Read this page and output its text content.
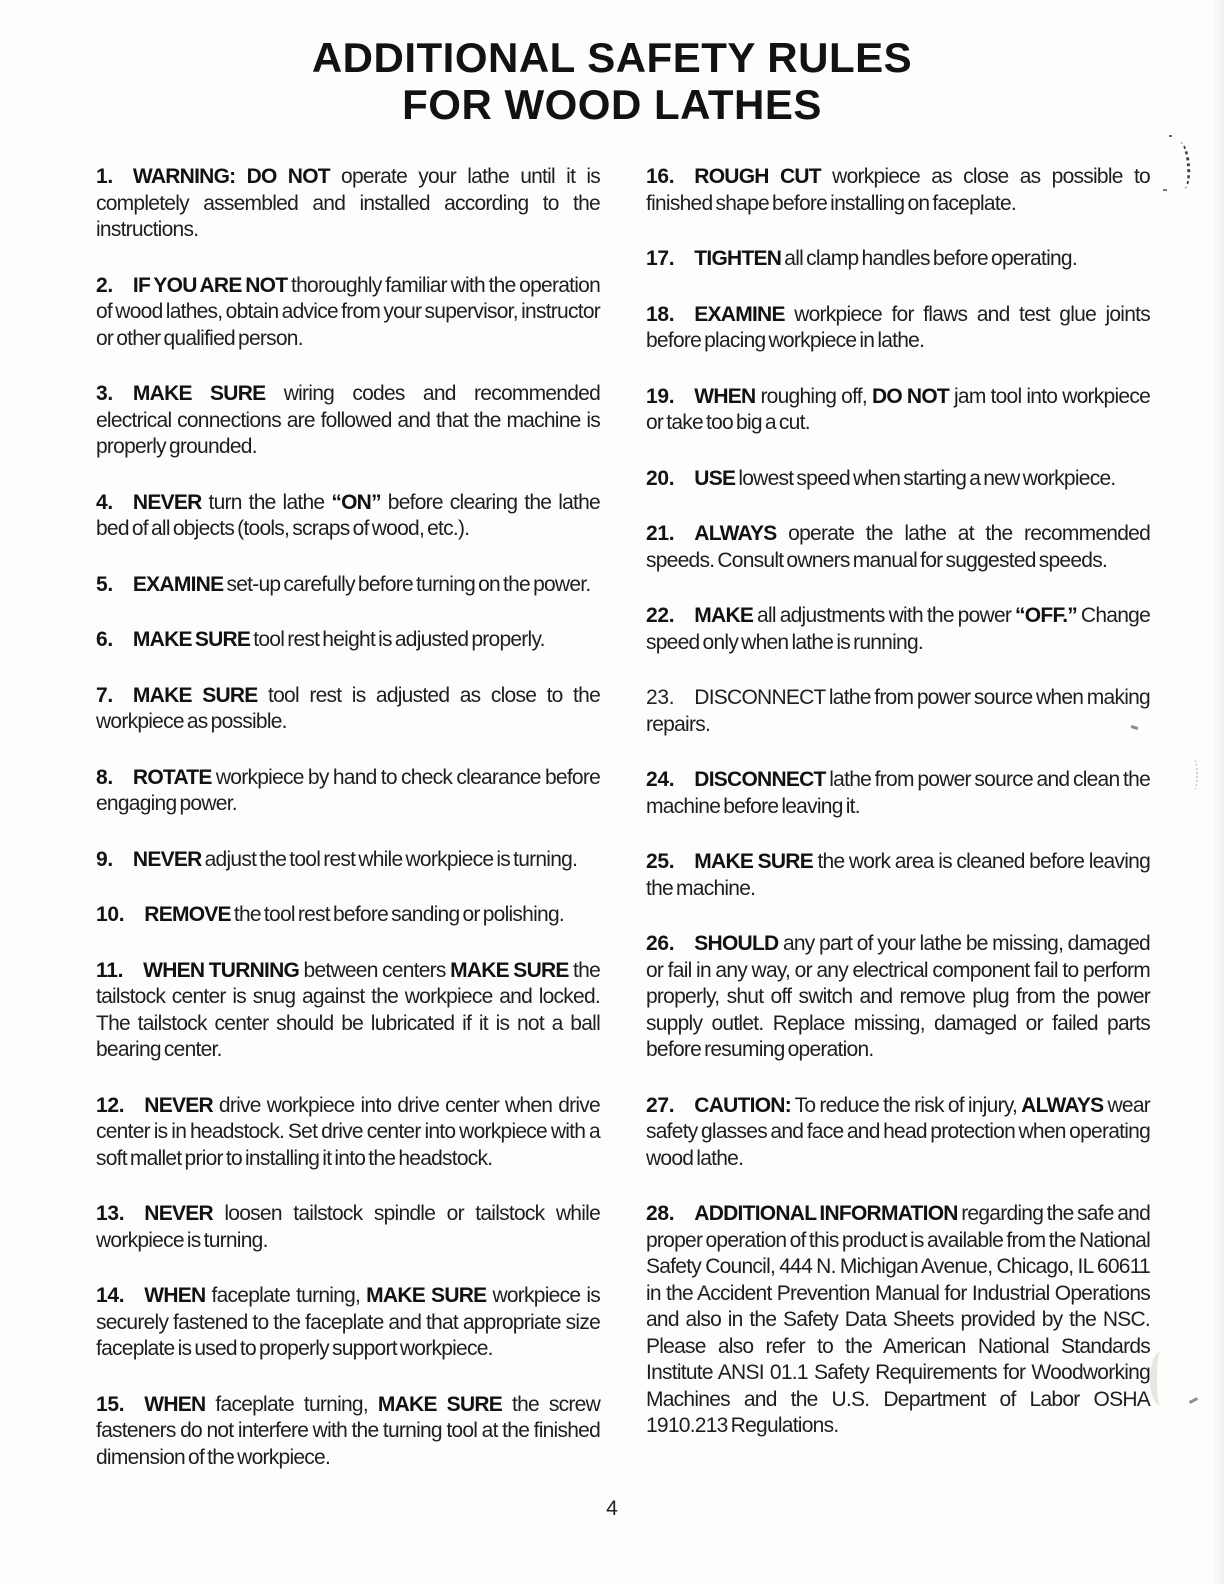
ADDITIONAL SAFETY RULES
FOR WOOD LATHES

1. WARNING: DO NOT operate your lathe until it is completely assembled and installed according to the instructions.

2. IF YOU ARE NOT thoroughly familiar with the operation of wood lathes, obtain advice from your supervisor, instructor or other qualified person.

3. MAKE SURE wiring codes and recommended electrical connections are followed and that the machine is properly grounded.

4. NEVER turn the lathe “ON” before clearing the lathe bed of all objects (tools, scraps of wood, etc.).

5. EXAMINE set-up carefully before turning on the power.

6. MAKE SURE tool rest height is adjusted properly.

7. MAKE SURE tool rest is adjusted as close to the workpiece as possible.

8. ROTATE workpiece by hand to check clearance before engaging power.

9. NEVER adjust the tool rest while workpiece is turning.

10. REMOVE the tool rest before sanding or polishing.

11. WHEN TURNING between centers MAKE SURE the tailstock center is snug against the workpiece and locked. The tailstock center should be lubricated if it is not a ball bearing center.

12. NEVER drive workpiece into drive center when drive center is in headstock. Set drive center into workpiece with a soft mallet prior to installing it into the headstock.

13. NEVER loosen tailstock spindle or tailstock while workpiece is turning.

14. WHEN faceplate turning, MAKE SURE workpiece is securely fastened to the faceplate and that appropriate size faceplate is used to properly support workpiece.

15. WHEN faceplate turning, MAKE SURE the screw fasteners do not interfere with the turning tool at the finished dimension of the workpiece.

16. ROUGH CUT workpiece as close as possible to finished shape before installing on faceplate.

17. TIGHTEN all clamp handles before operating.

18. EXAMINE workpiece for flaws and test glue joints before placing workpiece in lathe.

19. WHEN roughing off, DO NOT jam tool into workpiece or take too big a cut.

20. USE lowest speed when starting a new workpiece.

21. ALWAYS operate the lathe at the recommended speeds. Consult owners manual for suggested speeds.

22. MAKE all adjustments with the power “OFF.” Change speed only when lathe is running.

23. DISCONNECT lathe from power source when making repairs.

24. DISCONNECT lathe from power source and clean the machine before leaving it.

25. MAKE SURE the work area is cleaned before leaving the machine.

26. SHOULD any part of your lathe be missing, damaged or fail in any way, or any electrical component fail to perform properly, shut off switch and remove plug from the power supply outlet. Replace missing, damaged or failed parts before resuming operation.

27. CAUTION: To reduce the risk of injury, ALWAYS wear safety glasses and face and head protection when operating wood lathe.

28. ADDITIONAL INFORMATION regarding the safe and proper operation of this product is available from the National Safety Council, 444 N. Michigan Avenue, Chicago, IL 60611 in the Accident Prevention Manual for Industrial Operations and also in the Safety Data Sheets provided by the NSC. Please also refer to the American National Standards Institute ANSI 01.1 Safety Requirements for Woodworking Machines and the U.S. Department of Labor OSHA 1910.213 Regulations.

4
